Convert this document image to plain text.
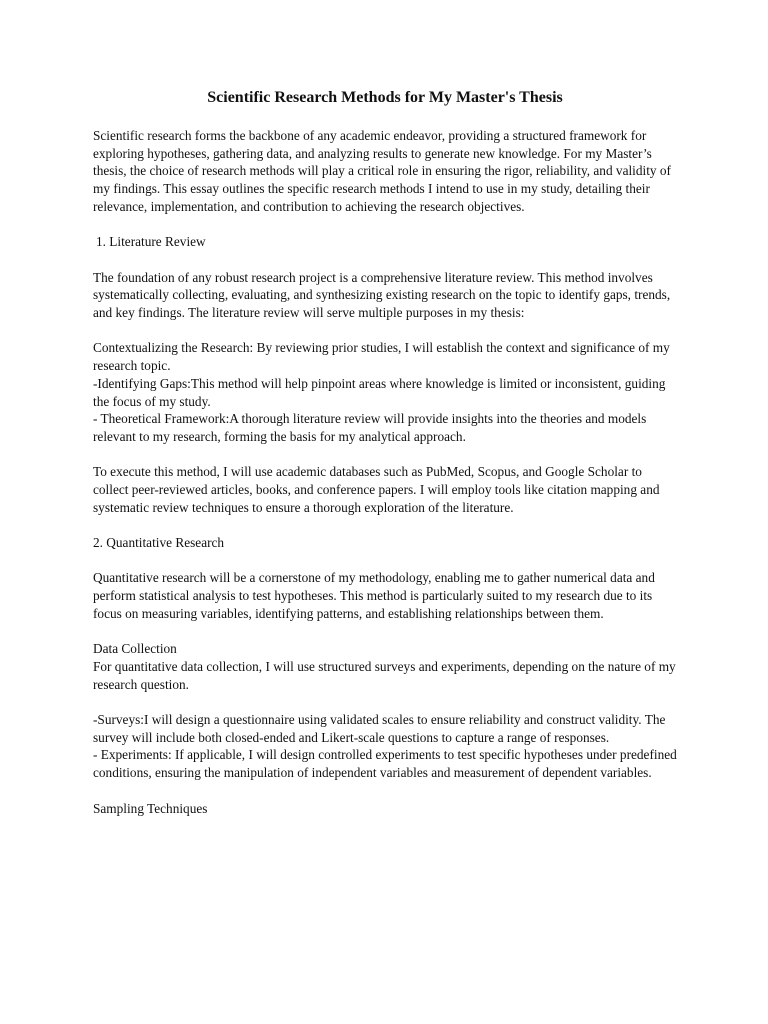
Scientific Research Methods for My Master's Thesis

Scientific research forms the backbone of any academic endeavor, providing a structured framework for exploring hypotheses, gathering data, and analyzing results to generate new knowledge. For my Master’s thesis, the choice of research methods will play a critical role in ensuring the rigor, reliability, and validity of my findings. This essay outlines the specific research methods I intend to use in my study, detailing their relevance, implementation, and contribution to achieving the research objectives.

1. Literature Review

The foundation of any robust research project is a comprehensive literature review. This method involves systematically collecting, evaluating, and synthesizing existing research on the topic to identify gaps, trends, and key findings. The literature review will serve multiple purposes in my thesis:

Contextualizing the Research: By reviewing prior studies, I will establish the context and significance of my research topic.

-Identifying Gaps:This method will help pinpoint areas where knowledge is limited or inconsistent, guiding the focus of my study.

- Theoretical Framework:A thorough literature review will provide insights into the theories and models relevant to my research, forming the basis for my analytical approach.

To execute this method, I will use academic databases such as PubMed, Scopus, and Google Scholar to collect peer-reviewed articles, books, and conference papers. I will employ tools like citation mapping and systematic review techniques to ensure a thorough exploration of the literature.

2. Quantitative Research

Quantitative research will be a cornerstone of my methodology, enabling me to gather numerical data and perform statistical analysis to test hypotheses. This method is particularly suited to my research due to its focus on measuring variables, identifying patterns, and establishing relationships between them.

Data Collection

For quantitative data collection, I will use structured surveys and experiments, depending on the nature of my research question.

-Surveys:I will design a questionnaire using validated scales to ensure reliability and construct validity. The survey will include both closed-ended and Likert-scale questions to capture a range of responses.

- Experiments: If applicable, I will design controlled experiments to test specific hypotheses under predefined conditions, ensuring the manipulation of independent variables and measurement of dependent variables.

Sampling Techniques
